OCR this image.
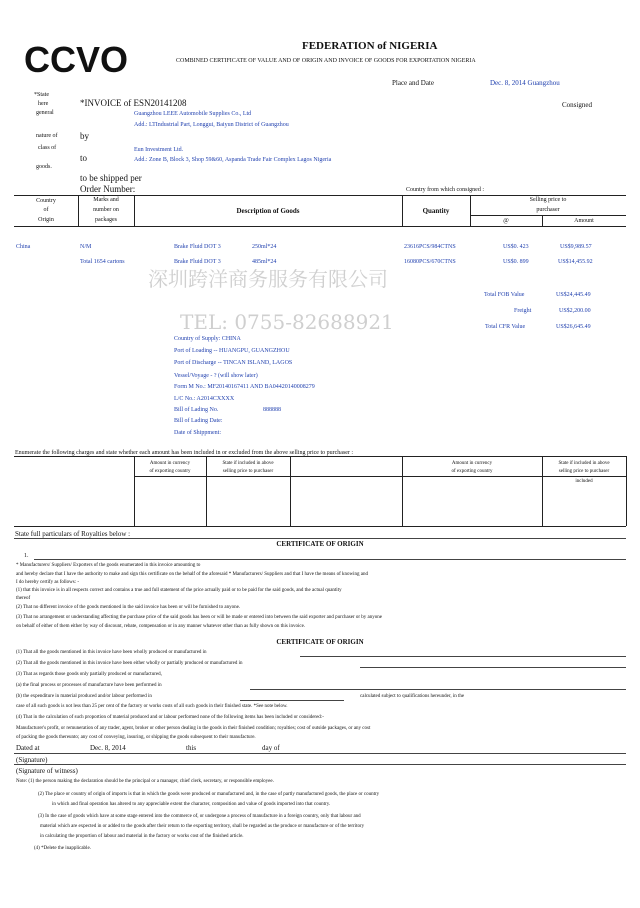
CCVO	FEDERATION of NIGERIA
COMBINED CERTIFICATE OF VALUE AND OF ORIGIN AND INVOICE OF GOODS FOR EXPORTATION NIGERIA
Place and Date	Dec. 8, 2014 Guangzhou
*State
here
general
*INVOICE of ESN20141208	Consigned
Guangzhou LEEE Automobile Supplies Co., Ltd
Add.: LTIndustrial Part, Longgui, Baiyun District of Guangzhou
nature of	by
class of	Eun Investment Ltd.
to	Add.: Zone B, Block 3, Shop 59&60, Aspanda Trade Fair Complex Lagos Nigeria
goods.
to be shipped per
Order Number:	Country from which consigned :
Country
of
Origin
Marks and
number on
packages
Description of Goods	Quantity
Selling price to
purchaser
@	Amount
China	N/M	Brake Fluid DOT 3	250ml*24	23616PCS/984CTNS	US$0. 423	US$9,989.57
Total 1654 cartons	Brake Fluid DOT 3	485ml*24	16080PCS/670CTNS	US$0. 899	US$14,455.92
深圳跨洋商务服务有限公司
TEL: 0755-82688921
Total FOB Value	US$24,445.49
Freight	US$2,200.00
Total CFR Value	US$26,645.49
Country of Supply: CHINA
Port of Loading -- HUANGPU, GUANGZHOU
Port of Discharge -- TINCAN ISLAND, LAGOS
Vessel/Voyage - ? (will show later)
Form M No.: MF20140167411 AND BA04420140008279
L/C No.: A2014CXXXX
Bill of Lading No.	888888
Bill of Lading Date:
Date of Shippment:
Enumerate the following charges and state whether each amount has been included in or excluded from the above selling price to purchaser :
Amount in currency
of exporting country
State if included in above
selling price to purchaser
Amount in currency
of exporting country
State if included in above
selling price to purchaser
included
State full particulars of Royalties below :
CERTIFICATE OF ORIGIN
1.
* Manufacturers/ Suppliers/ Exporters of the goods enumerated in this invoice amounting to
and hereby declare that I have the authority to make and sign this certificate on the behalf of the aforesaid * Manufacturers/ Suppliers and that I have the means of knowing and
I do hereby certify as follows: -
(1) that this invoice is in all respects correct and contains a true and full statement of the price actually paid or to be paid for the said goods, and the actual quantity
thereof
(2) That no different invoice of the goods mentioned in the said invoice has been or will be furnished to anyone.
(3) That no arrangement or understanding affecting the purchase price of the said goods has been or will be made or entered into between the said exporter and purchaser or by anyone
on behalf of either of them either by way of discount, rebate, compensation or in any manner whatever other than as fully shown on this invoice.
CERTIFICATE OF ORIGIN
(1) That all the goods mentioned in this invoice have been wholly produced or manufactured in
(2) That all the goods mentioned in this invoice have been either wholly or partially produced or manufactured in
(3) That as regards those goods only partially produced or manufactured,
(a) the final process or processes of manufacture have been performed in
(b) the expenditure in material produced and/or labour performed in	calculated subject to qualifications hereunder, in the
case of all such goods is not less than 25 per cent of the factory or works costs of all such goods in their finished state. *See note below.
(4) That in the calculation of such proportion of material produced and or labour performed none of the following items has been included or considered:-
Manufacturer's profit, or remuneration of any trader, agent, broker or other person dealing in the goods in their finished condition; royalties; cost of outside packages, or any cost
of packing the goods thereunto; any cost of conveying, insuring, or shipping the goods subsequent to their manufacture.
Dated at	Dec. 8, 2014	this	day of
(Signature)
(Signature of witness)
Note: (1) the person making the declaration should be the principal or a manager, chief clerk, secretary, or responsible employee.
(2) The place or country of origin of imports is that in which the goods were produced or manufactured and, in the case of partly manufactured goods, the place or country
in which and final operation has altered to any appreciable extent the character, composition and value of goods imported into that country.
(3) In the case of goods which have at some stage entered into the commerce of, or undergone a process of manufacture in a foreign country, only that labour and
material which are expected in or added to the goods after their return to the exporting territory, shall be regarded as the produce or manufacture or of the territory
in calculating the proportion of labour and material in the factory or works cost of the finished article.
(4) *Delete the inapplicable.
